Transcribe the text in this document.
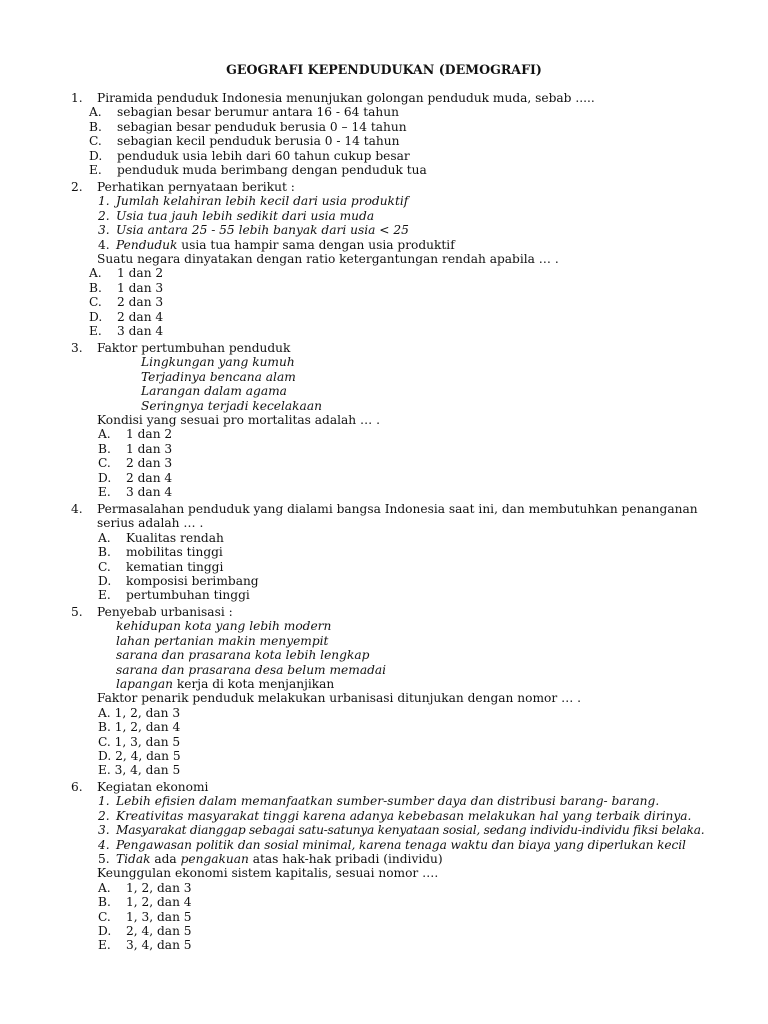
GEOGRAFI KEPENDUDUKAN (DEMOGRAFI)
1. Piramida penduduk Indonesia menunjukan golongan penduduk muda, sebab .....
A. sebagian besar berumur antara 16 - 64 tahun
B. sebagian besar penduduk berusia 0 – 14 tahun
C. sebagian kecil penduduk berusia 0 - 14 tahun
D. penduduk usia lebih dari 60 tahun cukup besar
E. penduduk muda berimbang dengan penduduk tua
2. Perhatikan pernyataan berikut :
1. Jumlah kelahiran lebih kecil dari usia produktif
2. Usia tua jauh lebih sedikit dari usia muda
3. Usia antara 25 - 55 lebih banyak dari usia < 25
4. Penduduk usia tua hampir sama dengan usia produktif
Suatu negara dinyatakan dengan ratio ketergantungan rendah apabila … .
A. 1 dan 2
B. 1 dan 3
C. 2 dan 3
D. 2 dan 4
E. 3 dan 4
3. Faktor pertumbuhan penduduk
Lingkungan yang kumuh
Terjadinya bencana alam
Larangan dalam agama
Seringnya terjadi kecelakaan
Kondisi yang sesuai pro mortalitas adalah … .
A. 1 dan 2
B. 1 dan 3
C. 2 dan 3
D. 2 dan 4
E. 3 dan 4
4. Permasalahan penduduk yang dialami bangsa Indonesia saat ini, dan membutuhkan penanganan
serius adalah … .
A. Kualitas rendah
B. mobilitas tinggi
C. kematian tinggi
D. komposisi berimbang
E. pertumbuhan tinggi
5. Penyebab urbanisasi :
kehidupan kota yang lebih modern
lahan pertanian makin menyempit
sarana dan prasarana kota lebih lengkap
sarana dan prasarana desa belum memadai
lapangan kerja di kota menjanjikan
Faktor penarik penduduk melakukan urbanisasi ditunjukan dengan nomor … .
A. 1, 2, dan 3
B. 1, 2, dan 4
C. 1, 3, dan 5
D. 2, 4, dan 5
E. 3, 4, dan 5
6. Kegiatan ekonomi
1. Lebih efisien dalam memanfaatkan sumber-sumber daya dan distribusi barang- barang.
2. Kreativitas masyarakat tinggi karena adanya kebebasan melakukan hal yang terbaik dirinya.
3. Masyarakat dianggap sebagai satu-satunya kenyataan sosial, sedang individu-individu fiksi belaka.
4. Pengawasan politik dan sosial minimal, karena tenaga waktu dan biaya yang diperlukan kecil
5. Tidak ada pengakuan atas hak-hak pribadi (individu)
Keunggulan ekonomi sistem kapitalis, sesuai nomor ….
A. 1, 2, dan 3
B. 1, 2, dan 4
C. 1, 3, dan 5
D. 2, 4, dan 5
E. 3, 4, dan 5
